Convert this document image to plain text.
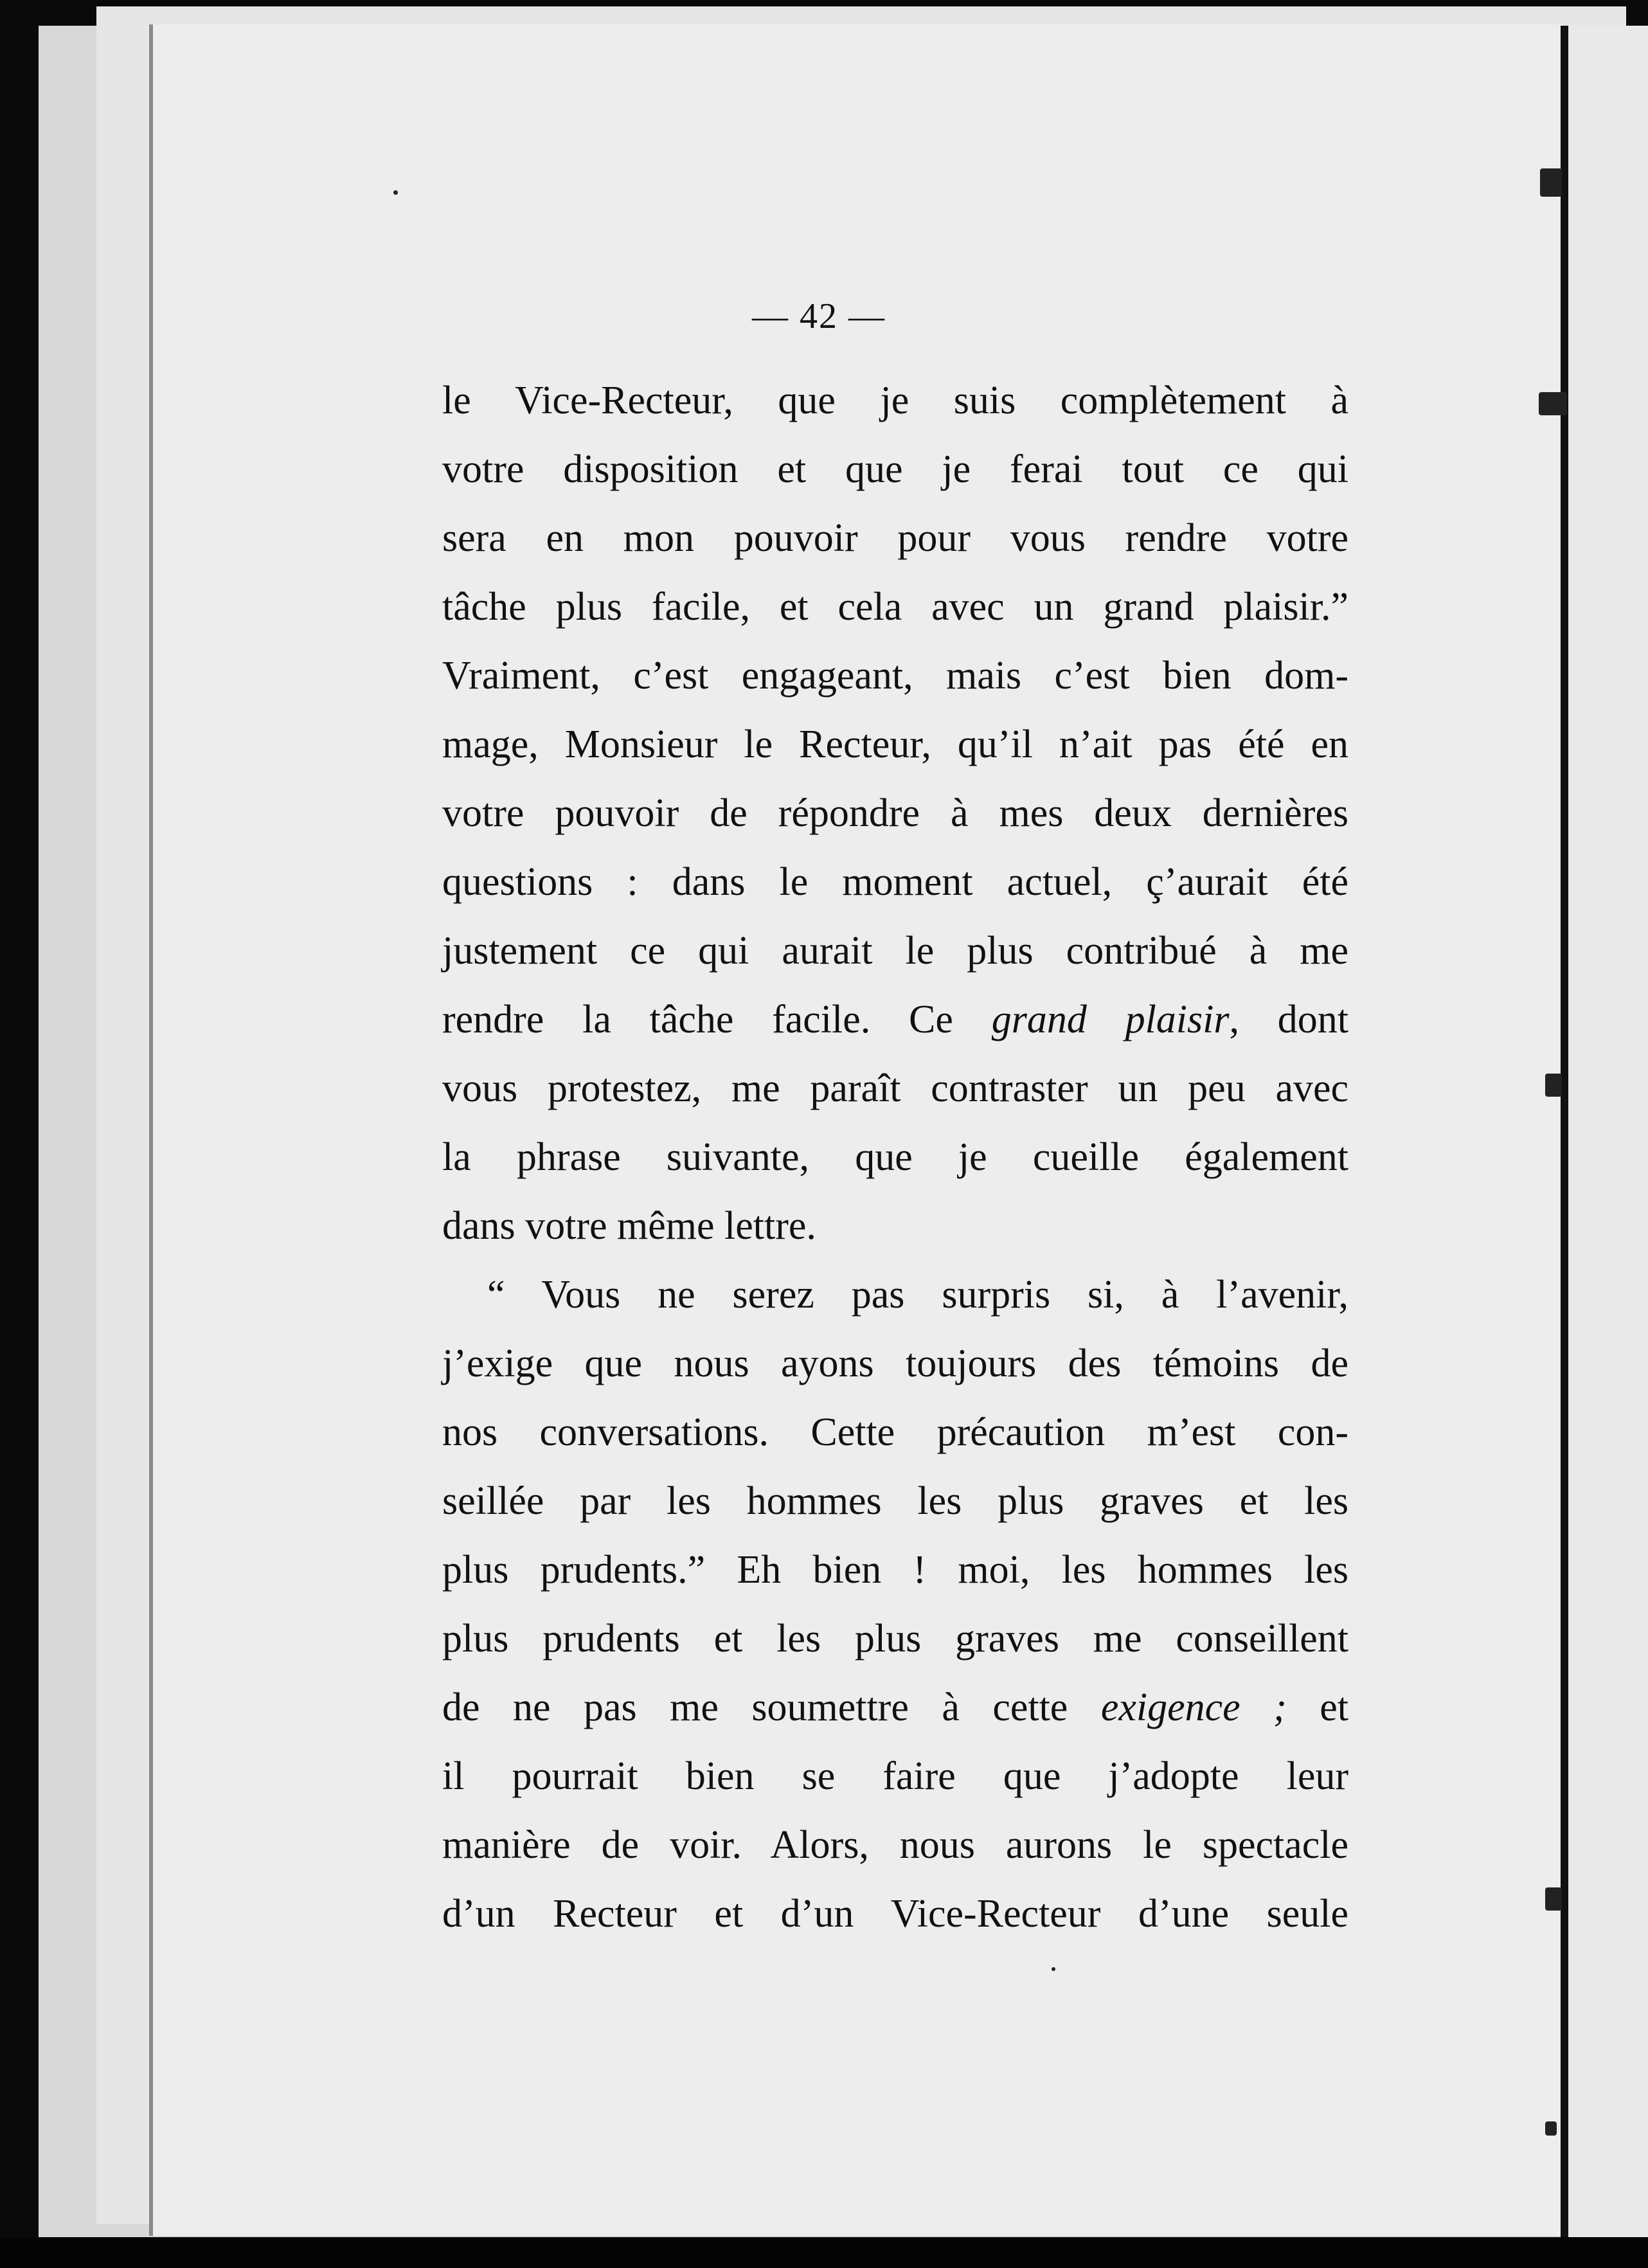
— 42 —
le Vice-Recteur, que je suis complètement à
votre disposition et que je ferai tout ce qui
sera en mon pouvoir pour vous rendre votre
tâche plus facile, et cela avec un grand plaisir.”
Vraiment, c’est engageant, mais c’est bien dom-
mage, Monsieur le Recteur, qu’il n’ait pas été en
votre pouvoir de répondre à mes deux dernières
questions : dans le moment actuel, ç’aurait été
justement ce qui aurait le plus contribué à me
rendre la tâche facile. Ce grand plaisir, dont
vous protestez, me paraît contraster un peu avec
la phrase suivante, que je cueille également
dans votre même lettre.
“ Vous ne serez pas surpris si, à l’avenir,
j’exige que nous ayons toujours des témoins de
nos conversations. Cette précaution m’est con-
seillée par les hommes les plus graves et les
plus prudents.” Eh bien ! moi, les hommes les
plus prudents et les plus graves me conseillent
de ne pas me soumettre à cette exigence ; et
il pourrait bien se faire que j’adopte leur
manière de voir. Alors, nous aurons le spectacle
d’un Recteur et d’un Vice-Recteur d’une seule
